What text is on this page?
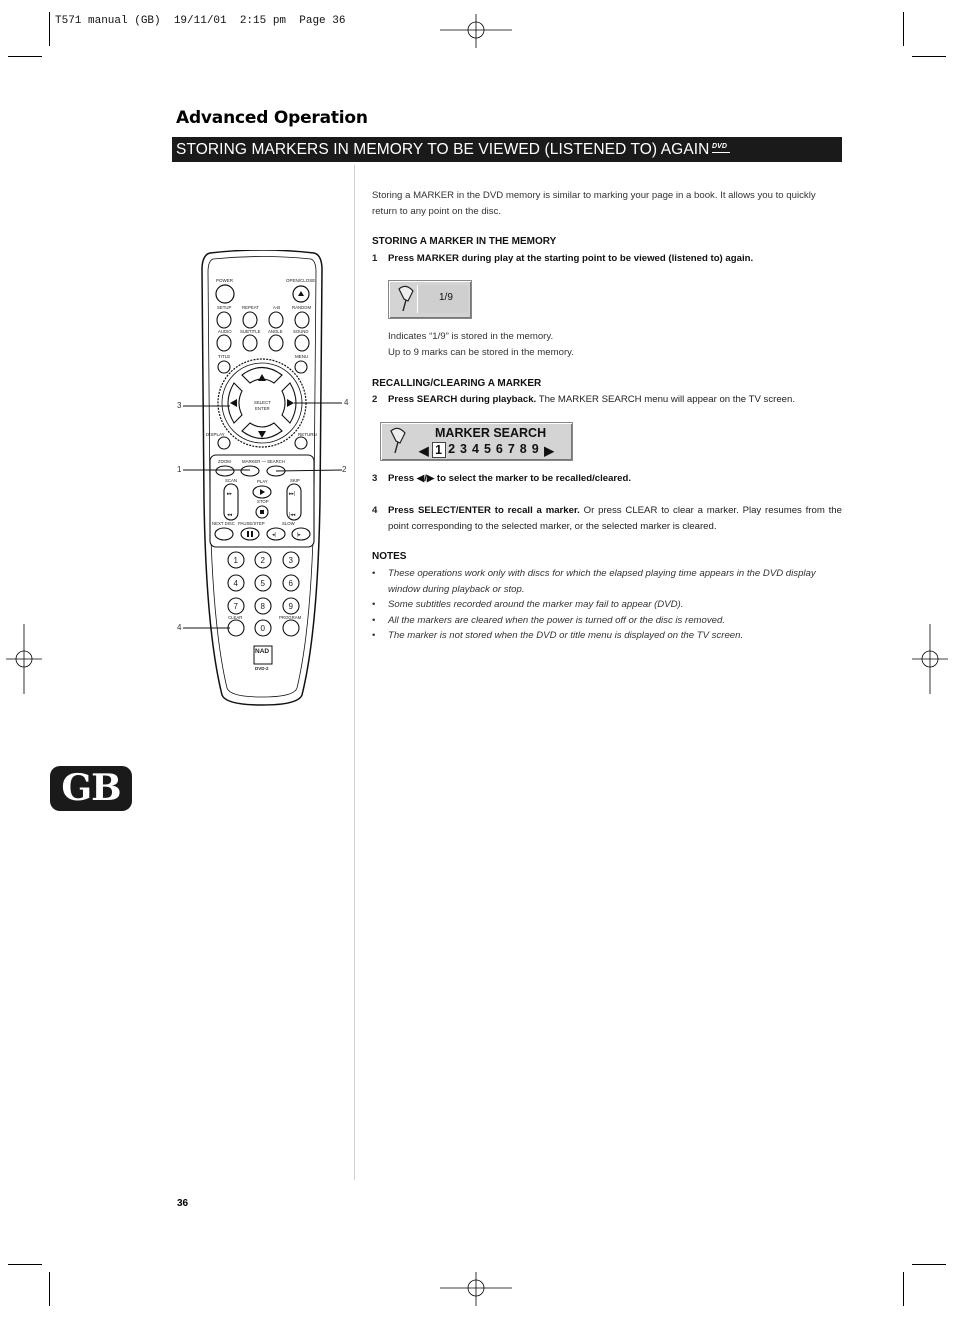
T571 manual (GB)  19/11/01  2:15 pm  Page 36
Advanced Operation
STORING MARKERS IN MEMORY TO BE VIEWED (LISTENED TO) AGAIN DVD
Storing a MARKER in the DVD memory is similar to marking your page in a book. It allows you to quickly return to any point on the disc.
STORING A MARKER IN THE MEMORY
1 Press MARKER during play at the starting point to be viewed (listened to) again.
1/9
Indicates “1/9” is stored in the memory.
Up to 9 marks can be stored in the memory.
RECALLING/CLEARING A MARKER
2 Press SEARCH during playback. The MARKER SEARCH menu will appear on the TV screen.
MARKER SEARCH
◀ 1 2 3 4 5 6 7 8 9 ▶
3 Press ◀/▶ to select the marker to be recalled/cleared.
4 Press SELECT/ENTER to recall a marker. Or press CLEAR to clear a marker. Play resumes from the point corresponding to the selected marker, or the selected marker is cleared.
NOTES
• These operations work only with discs for which the elapsed playing time appears in the DVD display window during playback or stop.
• Some subtitles recorded around the marker may fail to appear (DVD).
• All the markers are cleared when the power is turned off or the disc is removed.
• The marker is not stored when the DVD or title menu is displayed on the TV screen.
POWER	OPEN/CLOSE
SETUP REPEAT	A-B	RANDOM
AUDIO SUBTITLE ANGLE SOUND
TITLE	MENU
SELECT
ENTER
DISPLAY	RETURN
ZOOM	MARKER — SEARCH
SCAN	PLAY	SKIP
▸▸
◂◂
▸▸|
|◂◂
STOP
NEXT DISC PAUSE/STEP	SLOW
◂|	|▸
1	2	3
4	5	6
7	8	9
0
CLEAR	PROGRAM
NAD
DVD-2
3	4
1	2
4
GB
36
